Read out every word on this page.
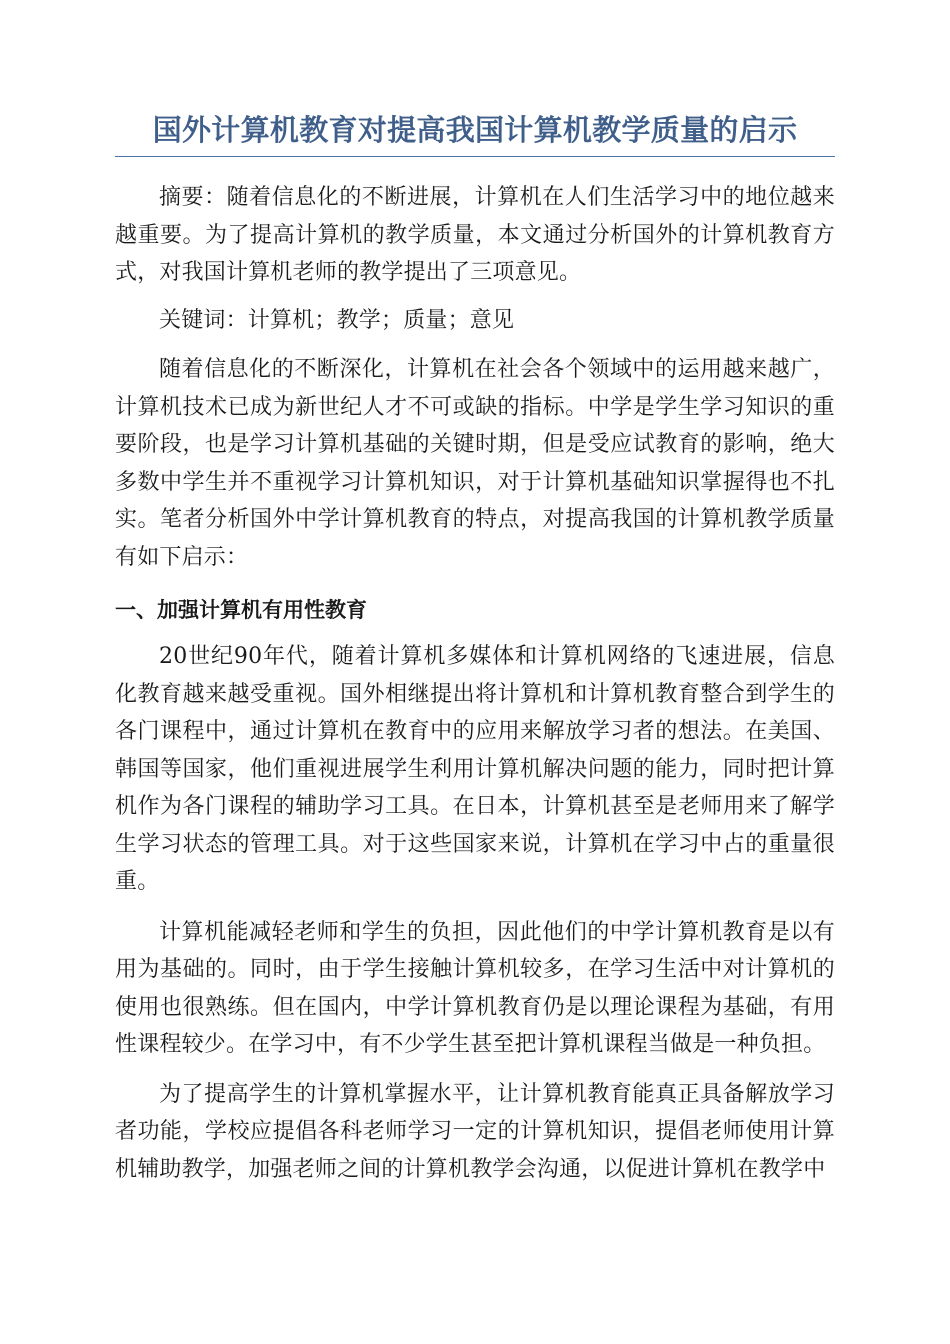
国外计算机教育对提高我国计算机教学质量的启示

摘要：随着信息化的不断进展，计算机在人们生活学习中的地位越来越重要。为了提高计算机的教学质量，本文通过分析国外的计算机教育方式，对我国计算机老师的教学提出了三项意见。

关键词：计算机；教学；质量；意见

随着信息化的不断深化，计算机在社会各个领域中的运用越来越广，计算机技术已成为新世纪人才不可或缺的指标。中学是学生学习知识的重要阶段，也是学习计算机基础的关键时期，但是受应试教育的影响，绝大多数中学生并不重视学习计算机知识，对于计算机基础知识掌握得也不扎实。笔者分析国外中学计算机教育的特点，对提高我国的计算机教学质量有如下启示：

一、加强计算机有用性教育

20世纪90年代，随着计算机多媒体和计算机网络的飞速进展，信息化教育越来越受重视。国外相继提出将计算机和计算机教育整合到学生的各门课程中，通过计算机在教育中的应用来解放学习者的想法。在美国、韩国等国家，他们重视进展学生利用计算机解决问题的能力，同时把计算机作为各门课程的辅助学习工具。在日本，计算机甚至是老师用来了解学生学习状态的管理工具。对于这些国家来说，计算机在学习中占的重量很重。

计算机能减轻老师和学生的负担，因此他们的中学计算机教育是以有用为基础的。同时，由于学生接触计算机较多，在学习生活中对计算机的使用也很熟练。但在国内，中学计算机教育仍是以理论课程为基础，有用性课程较少。在学习中，有不少学生甚至把计算机课程当做是一种负担。

为了提高学生的计算机掌握水平，让计算机教育能真正具备解放学习者功能，学校应提倡各科老师学习一定的计算机知识，提倡老师使用计算机辅助教学，加强老师之间的计算机教学会沟通，以促进计算机在教学中
